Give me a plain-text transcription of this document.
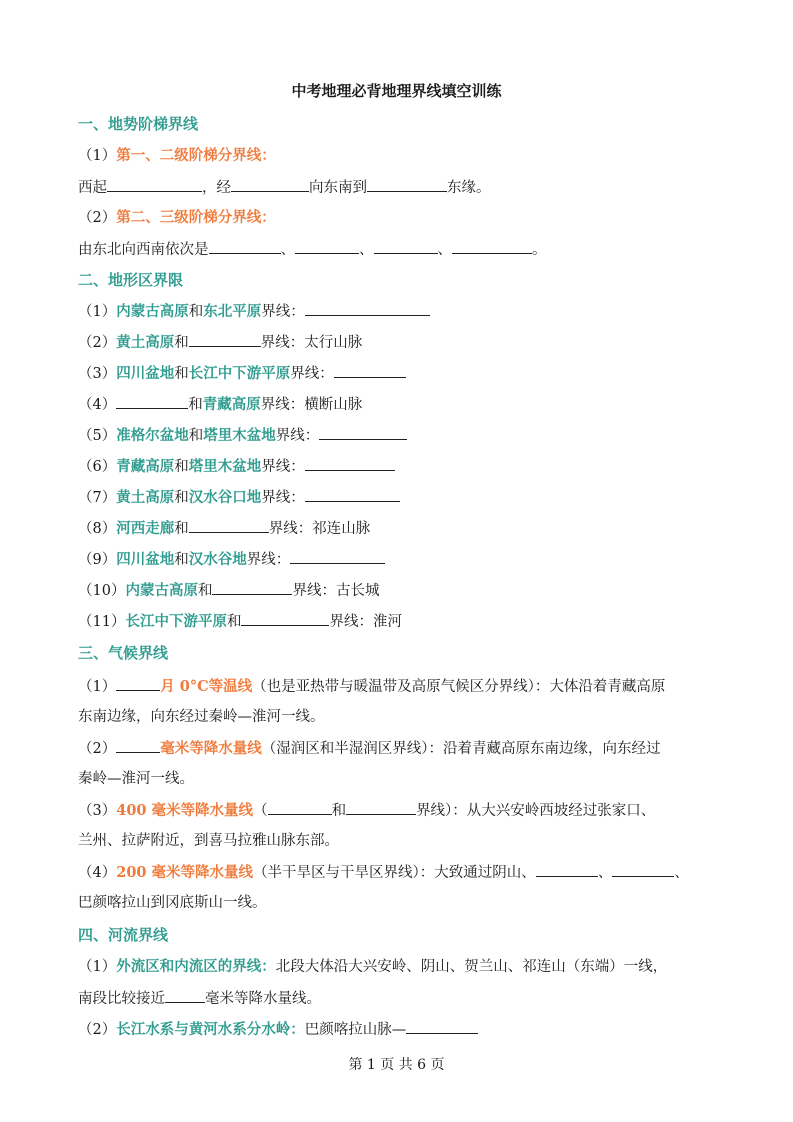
中考地理必背地理界线填空训练
一、地势阶梯界线
（1）第一、二级阶梯分界线：
西起	，经	向东南到	东缘。
（2）第二、三级阶梯分界线：
由东北向西南依次是	、	、	、	。
二、地形区界限
（1）内蒙古高原和东北平原界线：
（2）黄土高原和	界线：太行山脉
（3）四川盆地和长江中下游平原界线：
（4）	和青藏高原界线：横断山脉
（5）准格尔盆地和塔里木盆地界线：
（6）青藏高原和塔里木盆地界线：
（7）黄土高原和汉水谷口地界线：
（8）河西走廊和	界线：祁连山脉
（9）四川盆地和汉水谷地界线：
（10）内蒙古高原和	界线：古长城
（11）长江中下游平原和	界线：淮河
三、气候界线
（1）	月 0°C等温线（也是亚热带与暖温带及高原气候区分界线）：大体沿着青藏高原
东南边缘，向东经过秦岭—淮河一线。
（2）	毫米等降水量线（湿润区和半湿润区界线）：沿着青藏高原东南边缘，向东经过
秦岭—淮河一线。
（3）400 毫米等降水量线（	和	界线）：从大兴安岭西坡经过张家口、
兰州、拉萨附近，到喜马拉雅山脉东部。
（4）200 毫米等降水量线（半干旱区与干旱区界线）：大致通过阴山、	、	、
巴颜喀拉山到冈底斯山一线。
四、河流界线
（1）外流区和内流区的界线：北段大体沿大兴安岭、阴山、贺兰山、祁连山（东端）一线，
南段比较接近	毫米等降水量线。
（2）长江水系与黄河水系分水岭：巴颜喀拉山脉—
第 1 页 共 6 页
